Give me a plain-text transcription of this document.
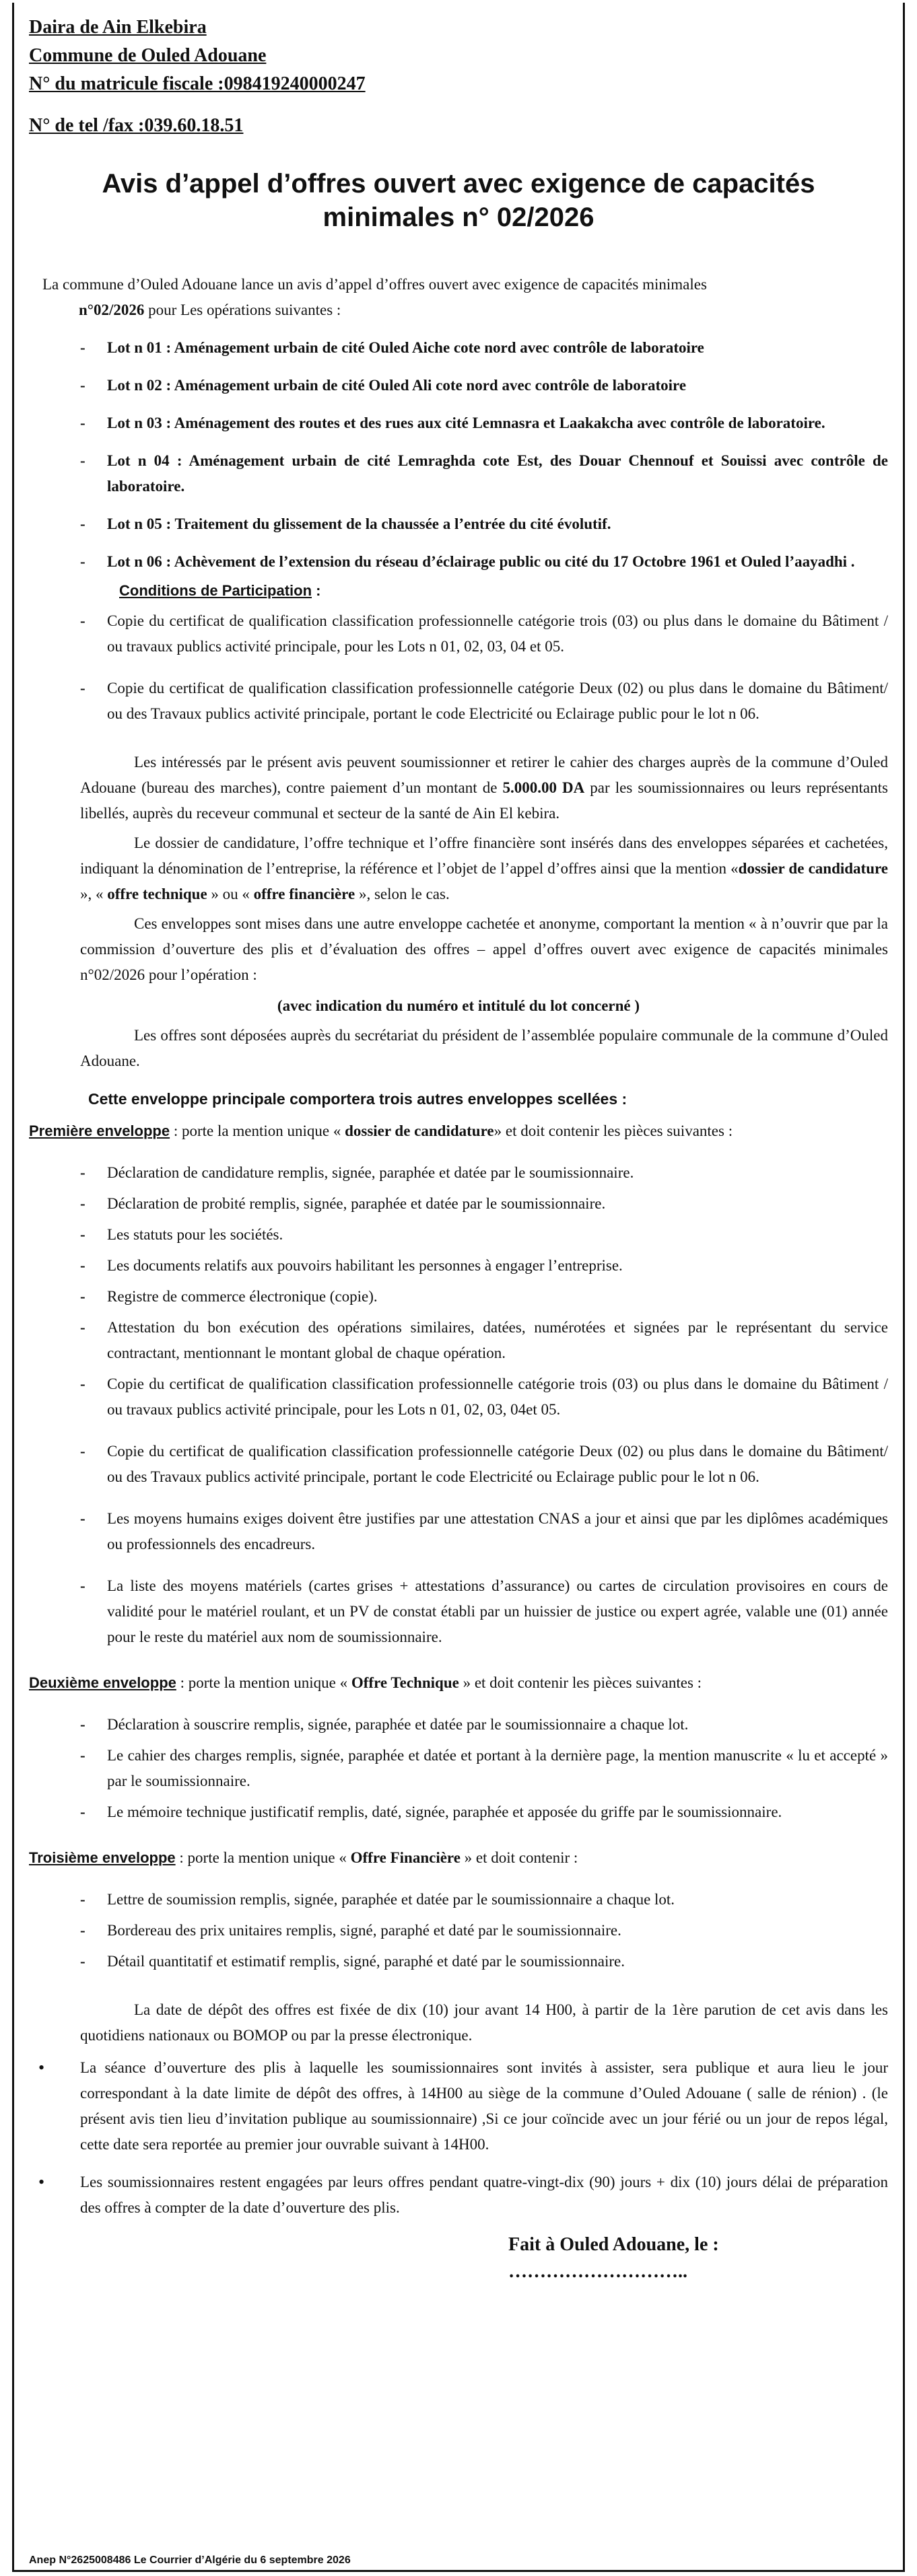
Daira de Ain Elkebira

Commune de Ouled Adouane

N° du matricule fiscale :098419240000247

N° de tel /fax :039.60.18.51

Avis d’appel d’offres ouvert avec exigence de capacités
minimales n° 02/2026

La commune d’Ouled Adouane lance un avis d’appel d’offres ouvert avec exigence de capacités minimales

n°02/2026 pour Les opérations suivantes :

- Lot n 01 : Aménagement urbain de cité Ouled Aiche cote nord avec contrôle de laboratoire
- Lot n 02 : Aménagement urbain de cité Ouled Ali cote nord avec contrôle de laboratoire
- Lot n 03 : Aménagement des routes et des rues aux cité Lemnasra et Laakakcha avec contrôle de laboratoire.
- Lot n 04 : Aménagement urbain de cité Lemraghda cote Est, des Douar Chennouf et Souissi avec contrôle de laboratoire.
- Lot n 05 : Traitement du glissement de la chaussée a l’entrée du cité évolutif.
- Lot n 06 : Achèvement de l’extension du réseau d’éclairage public ou cité du 17 Octobre 1961 et Ouled l’aayadhi .

Conditions de Participation :

- Copie du certificat de qualification classification professionnelle catégorie trois (03) ou plus dans le domaine du Bâtiment / ou travaux publics activité principale, pour les Lots n 01, 02, 03, 04 et 05.
- Copie du certificat de qualification classification professionnelle catégorie Deux (02) ou plus dans le domaine du Bâtiment/ ou des Travaux publics activité principale, portant le code Electricité ou Eclairage public pour le lot n 06.

Les intéressés par le présent avis peuvent soumissionner et retirer le cahier des charges auprès de la commune d’Ouled Adouane (bureau des marches), contre paiement d’un montant de 5.000.00 DA par les soumissionnaires ou leurs représentants libellés, auprès du receveur communal et secteur de la santé de Ain El kebira.

Le dossier de candidature, l’offre technique et l’offre financière sont insérés dans des enveloppes séparées et cachetées, indiquant la dénomination de l’entreprise, la référence et l’objet de l’appel d’offres ainsi que la mention «dossier de candidature », « offre technique » ou « offre financière », selon le cas.

Ces enveloppes sont mises dans une autre enveloppe cachetée et anonyme, comportant la mention « à n’ouvrir que par la commission d’ouverture des plis et d’évaluation des offres – appel d’offres ouvert avec exigence de capacités minimales n°02/2026 pour l’opération :

(avec indication du numéro et intitulé du lot concerné )

Les offres sont déposées auprès du secrétariat du président de l’assemblée populaire communale de la commune d’Ouled Adouane.

Cette enveloppe principale comportera trois autres enveloppes scellées :

Première enveloppe : porte la mention unique « dossier de candidature» et doit contenir les pièces suivantes :

- Déclaration de candidature remplis, signée, paraphée et datée par le soumissionnaire.
- Déclaration de probité remplis, signée, paraphée et datée par le soumissionnaire.
- Les statuts pour les sociétés.
- Les documents relatifs aux pouvoirs habilitant les personnes à engager l’entreprise.
- Registre de commerce électronique (copie).
- Attestation du bon exécution des opérations similaires, datées, numérotées et signées par le représentant du service contractant, mentionnant le montant global de chaque opération.
- Copie du certificat de qualification classification professionnelle catégorie trois (03) ou plus dans le domaine du Bâtiment / ou travaux publics activité principale, pour les Lots n 01, 02, 03, 04et 05.
- Copie du certificat de qualification classification professionnelle catégorie Deux (02) ou plus dans le domaine du Bâtiment/ ou des Travaux publics activité principale, portant le code Electricité ou Eclairage public pour le lot n 06.
- Les moyens humains exiges doivent être justifies par une attestation CNAS a jour et ainsi que par les diplômes académiques ou professionnels des encadreurs.
- La liste des moyens matériels (cartes grises + attestations d’assurance) ou cartes de circulation provisoires en cours de validité pour le matériel roulant, et un PV de constat établi par un huissier de justice ou expert agrée, valable une (01) année pour le reste du matériel aux nom de soumissionnaire.

Deuxième enveloppe : porte la mention unique « Offre Technique » et doit contenir les pièces suivantes :

- Déclaration à souscrire remplis, signée, paraphée et datée par le soumissionnaire a chaque lot.
- Le cahier des charges remplis, signée, paraphée et datée et portant à la dernière page, la mention manuscrite « lu et accepté » par le soumissionnaire.
- Le mémoire technique justificatif remplis, daté, signée, paraphée et apposée du griffe par le soumissionnaire.

Troisième enveloppe : porte la mention unique « Offre Financière » et doit contenir :

- Lettre de soumission remplis, signée, paraphée et datée par le soumissionnaire a chaque lot.
- Bordereau des prix unitaires remplis, signé, paraphé et daté par le soumissionnaire.
- Détail quantitatif et estimatif remplis, signé, paraphé et daté par le soumissionnaire.

La date de dépôt des offres est fixée de dix (10) jour avant 14 H00, à partir de la 1ère parution de cet avis dans les quotidiens nationaux ou BOMOP ou par la presse électronique.

• La séance d’ouverture des plis à laquelle les soumissionnaires sont invités à assister, sera publique et aura lieu le jour correspondant à la date limite de dépôt des offres, à 14H00 au siège de la commune d’Ouled Adouane ( salle de rénion) . (le présent avis tien lieu d’invitation publique au soumissionnaire) ,Si ce jour coïncide avec un jour férié ou un jour de repos légal, cette date sera reportée au premier jour ouvrable suivant à 14H00.
• Les soumissionnaires restent engagées par leurs offres pendant quatre-vingt-dix (90) jours + dix (10) jours délai de préparation des offres à compter de la date d’ouverture des plis.

Fait à Ouled Adouane, le : ………………………..

Anep N°2625008486 Le Courrier d’Algérie du 6 septembre 2026
